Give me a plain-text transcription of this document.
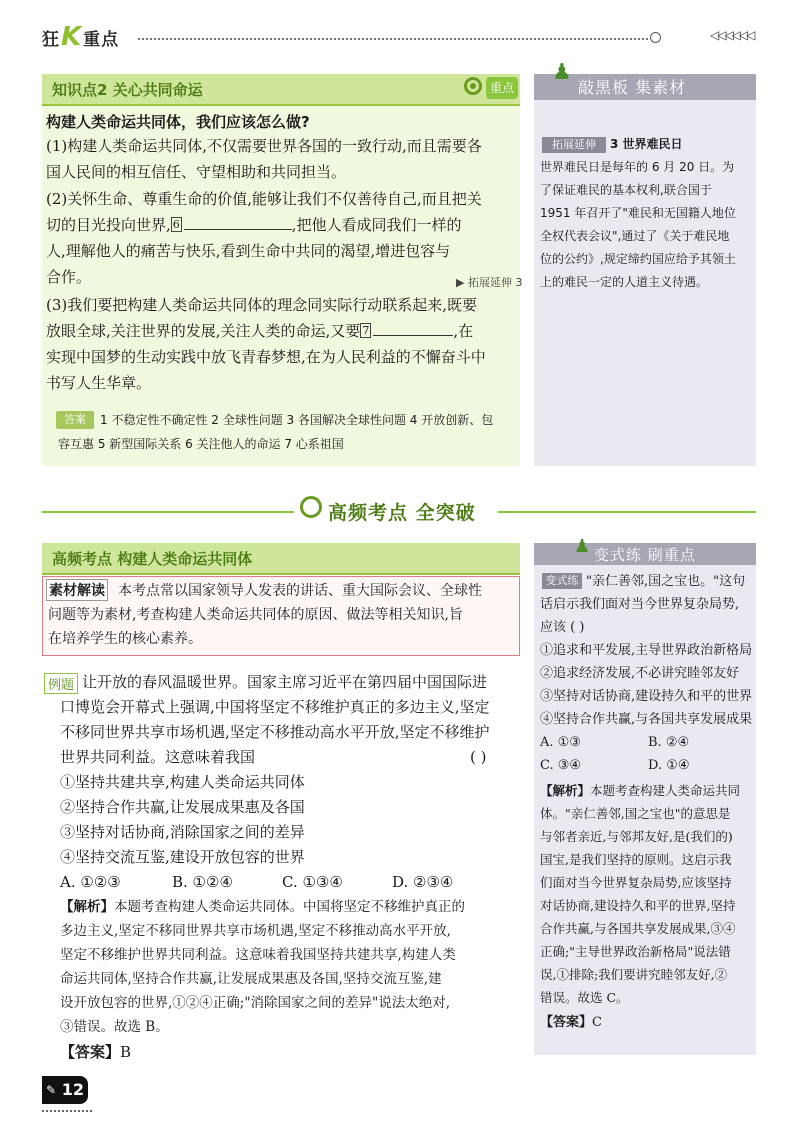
狂K重点	◁◁◁◁◁◁
知识点2 关心共同命运	重点
构建人类命运共同体，我们应该怎么做?
(1)构建人类命运共同体,不仅需要世界各国的一致行动,而且需要各
国人民间的相互信任、守望相助和共同担当。
(2)关怀生命、尊重生命的价值,能够让我们不仅善待自己,而且把关
切的目光投向世界, 6	,把他人看成同我们一样的
人,理解他人的痛苦与快乐,看到生命中共同的渴望,增进包容与
合作。	▶ 拓展延伸 3
(3)我们要把构建人类命运共同体的理念同实际行动联系起来,既要
放眼全球,关注世界的发展,关注人类的命运,又要 7	,在
实现中国梦的生动实践中放飞青春梦想,在为人民利益的不懈奋斗中
书写人生华章。
答案	1 不稳定性不确定性 2 全球性问题 3 各国解决全球性问题 4 开放创新、包
容互惠 5 新型国际关系 6 关注他人的命运 7 心系祖国
♟
敲黑板 集素材
拓展延伸	3 世界难民日
世界难民日是每年的 6 月 20 日。为
了保证难民的基本权利,联合国于
1951 年召开了"难民和无国籍人地位
全权代表会议",通过了《关于难民地
位的公约》,规定缔约国应给予其领土
上的难民一定的人道主义待遇。
高频考点 全突破
高频考点 构建人类命运共同体
素材解读 本考点常以国家领导人发表的讲话、重大国际会议、全球性
问题等为素材,考查构建人类命运共同体的原因、做法等相关知识,旨
在培养学生的核心素养。
例题 让开放的春风温暖世界。国家主席习近平在第四届中国国际进
口博览会开幕式上强调,中国将坚定不移维护真正的多边主义,坚定
不移同世界共享市场机遇,坚定不移推动高水平开放,坚定不移维护
世界共同利益。这意味着我国	( )
①坚持共建共享,构建人类命运共同体
②坚持合作共赢,让发展成果惠及各国
③坚持对话协商,消除国家之间的差异
④坚持交流互鉴,建设开放包容的世界
A. ①②③	B. ①②④	C. ①③④	D. ②③④
【解析】本题考查构建人类命运共同体。中国将坚定不移维护真正的
多边主义,坚定不移同世界共享市场机遇,坚定不移推动高水平开放,
坚定不移维护世界共同利益。这意味着我国坚持共建共享,构建人类
命运共同体,坚持合作共赢,让发展成果惠及各国,坚持交流互鉴,建
设开放包容的世界,①②④正确;"消除国家之间的差异"说法太绝对,
③错误。故选 B。
【答案】B
♟ 变式练 刷重点
变式练 "亲仁善邻,国之宝也。"这句
话启示我们面对当今世界复杂局势,
应该 ( )
①追求和平发展,主导世界政治新格局
②追求经济发展,不必讲究睦邻友好
③坚持对话协商,建设持久和平的世界
④坚持合作共赢,与各国共享发展成果
A. ①③	B. ②④
C. ③④	D. ①④
【解析】本题考查构建人类命运共同
体。"亲仁善邻,国之宝也"的意思是
与邻者亲近,与邻邦友好,是(我们的)
国宝,是我们坚持的原则。这启示我
们面对当今世界复杂局势,应该坚持
对话协商,建设持久和平的世界,坚持
合作共赢,与各国共享发展成果,③④
正确;"主导世界政治新格局"说法错
误,①排除;我们要讲究睦邻友好,②
错误。故选 C。
【答案】C
✎ 12
